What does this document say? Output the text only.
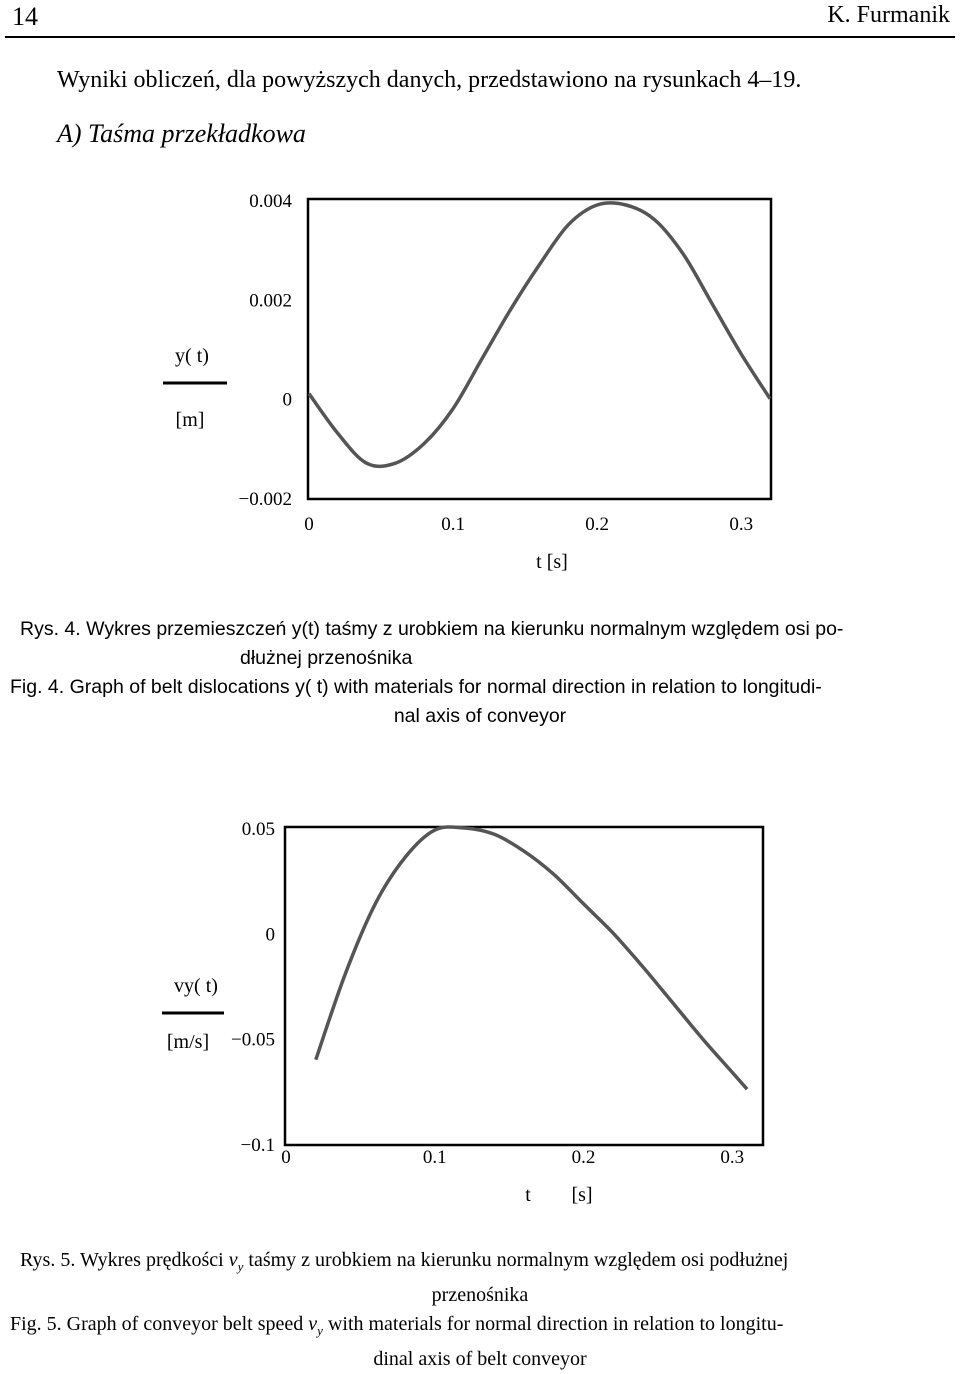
14	K. Furmanik
Wyniki obliczeń, dla powyższych danych, przedstawiono na rysunkach 4–19.
A) Taśma przekładkowa
0.004
0.002
0
−0.002
0	0.1	0.2	0.3
y( t)
[m]
t [s]
Rys. 4. Wykres przemieszczeń y(t) taśmy z urobkiem na kierunku normalnym względem osi po-
dłużnej przenośnika
Fig. 4. Graph of belt dislocations y( t) with materials for normal direction in relation to longitudi-
nal axis of conveyor
0.05
0
−0.05
−0.1
0	0.1	0.2	0.3
vy( t)
[m/s]
t [s]
Rys. 5. Wykres prędkości $v_y$ taśmy z urobkiem na kierunku normalnym względem osi podłużnej
przenośnika
Fig. 5. Graph of conveyor belt speed $v_y$ with materials for normal direction in relation to longitu-
dinal axis of belt conveyor
